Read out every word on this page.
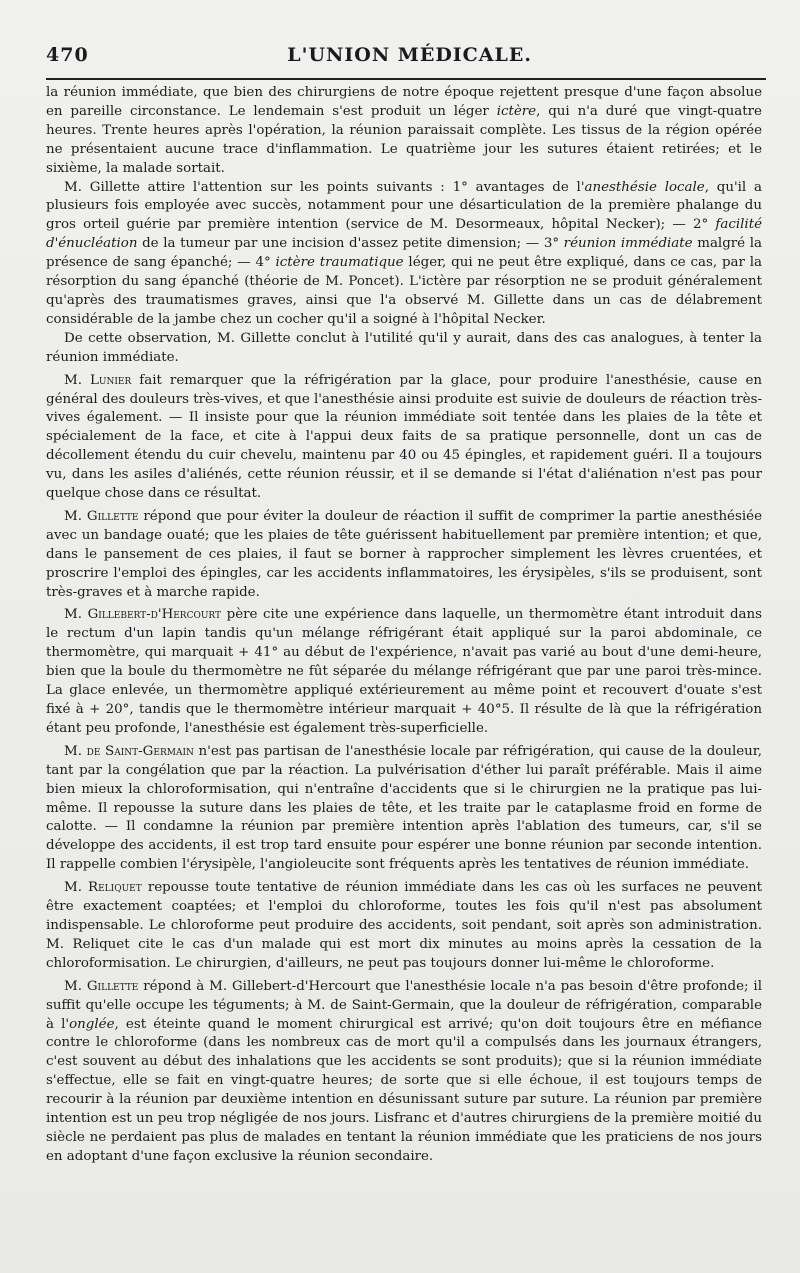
470	L'UNION MÉDICALE.

la réunion immédiate, que bien des chirurgiens de notre époque rejettent presque d'une façon absolue en pareille circonstance. Le lendemain s'est produit un léger ictère, qui n'a duré que vingt-quatre heures. Trente heures après l'opération, la réunion paraissait complète. Les tissus de la région opérée ne présentaient aucune trace d'inflammation. Le quatrième jour les sutures étaient retirées; et le sixième, la malade sortait.

M. Gillette attire l'attention sur les points suivants : 1° avantages de l'anesthésie locale, qu'il a plusieurs fois employée avec succès, notamment pour une désarticulation de la première phalange du gros orteil guérie par première intention (service de M. Desormeaux, hôpital Necker); — 2° facilité d'énucléation de la tumeur par une incision d'assez petite dimension; — 3° réunion immédiate malgré la présence de sang épanché; — 4° ictère traumatique léger, qui ne peut être expliqué, dans ce cas, par la résorption du sang épanché (théorie de M. Poncet). L'ictère par résorption ne se produit généralement qu'après des traumatismes graves, ainsi que l'a observé M. Gillette dans un cas de délabrement considérable de la jambe chez un cocher qu'il a soigné à l'hôpital Necker.

De cette observation, M. Gillette conclut à l'utilité qu'il y aurait, dans des cas analogues, à tenter la réunion immédiate.

M. Lunier fait remarquer que la réfrigération par la glace, pour produire l'anesthésie, cause en général des douleurs très-vives, et que l'anesthésie ainsi produite est suivie de douleurs de réaction très-vives également. — Il insiste pour que la réunion immédiate soit tentée dans les plaies de la tête et spécialement de la face, et cite à l'appui deux faits de sa pratique personnelle, dont un cas de décollement étendu du cuir chevelu, maintenu par 40 ou 45 épingles, et rapidement guéri. Il a toujours vu, dans les asiles d'aliénés, cette réunion réussir, et il se demande si l'état d'aliénation n'est pas pour quelque chose dans ce résultat.

M. Gillette répond que pour éviter la douleur de réaction il suffit de comprimer la partie anesthésiée avec un bandage ouaté; que les plaies de tête guérissent habituellement par première intention; et que, dans le pansement de ces plaies, il faut se borner à rapprocher simplement les lèvres cruentées, et proscrire l'emploi des épingles, car les accidents inflammatoires, les érysipèles, s'ils se produisent, sont très-graves et à marche rapide.

M. Gillebert-d'Hercourt père cite une expérience dans laquelle, un thermomètre étant introduit dans le rectum d'un lapin tandis qu'un mélange réfrigérant était appliqué sur la paroi abdominale, ce thermomètre, qui marquait + 41° au début de l'expérience, n'avait pas varié au bout d'une demi-heure, bien que la boule du thermomètre ne fût séparée du mélange réfrigérant que par une paroi très-mince. La glace enlevée, un thermomètre appliqué extérieurement au même point et recouvert d'ouate s'est fixé à + 20°, tandis que le thermomètre intérieur marquait + 40°5. Il résulte de là que la réfrigération étant peu profonde, l'anesthésie est également très-superficielle.

M. de Saint-Germain n'est pas partisan de l'anesthésie locale par réfrigération, qui cause de la douleur, tant par la congélation que par la réaction. La pulvérisation d'éther lui paraît préférable. Mais il aime bien mieux la chloroformisation, qui n'entraîne d'accidents que si le chirurgien ne la pratique pas lui-même. Il repousse la suture dans les plaies de tête, et les traite par le cataplasme froid en forme de calotte. — Il condamne la réunion par première intention après l'ablation des tumeurs, car, s'il se développe des accidents, il est trop tard ensuite pour espérer une bonne réunion par seconde intention. Il rappelle combien l'érysipèle, l'angioleucite sont fréquents après les tentatives de réunion immédiate.

M. Reliquet repousse toute tentative de réunion immédiate dans les cas où les surfaces ne peuvent être exactement coaptées; et l'emploi du chloroforme, toutes les fois qu'il n'est pas absolument indispensable. Le chloroforme peut produire des accidents, soit pendant, soit après son administration. M. Reliquet cite le cas d'un malade qui est mort dix minutes au moins après la cessation de la chloroformisation. Le chirurgien, d'ailleurs, ne peut pas toujours donner lui-même le chloroforme.

M. Gillette répond à M. Gillebert-d'Hercourt que l'anesthésie locale n'a pas besoin d'être profonde; il suffit qu'elle occupe les téguments; à M. de Saint-Germain, que la douleur de réfrigération, comparable à l'onglée, est éteinte quand le moment chirurgical est arrivé; qu'on doit toujours être en méfiance contre le chloroforme (dans les nombreux cas de mort qu'il a compulsés dans les journaux étrangers, c'est souvent au début des inhalations que les accidents se sont produits); que si la réunion immédiate s'effectue, elle se fait en vingt-quatre heures; de sorte que si elle échoue, il est toujours temps de recourir à la réunion par deuxième intention en désunissant suture par suture. La réunion par première intention est un peu trop négligée de nos jours. Lisfranc et d'autres chirurgiens de la première moitié du siècle ne perdaient pas plus de malades en tentant la réunion immédiate que les praticiens de nos jours en adoptant d'une façon exclusive la réunion secondaire.
